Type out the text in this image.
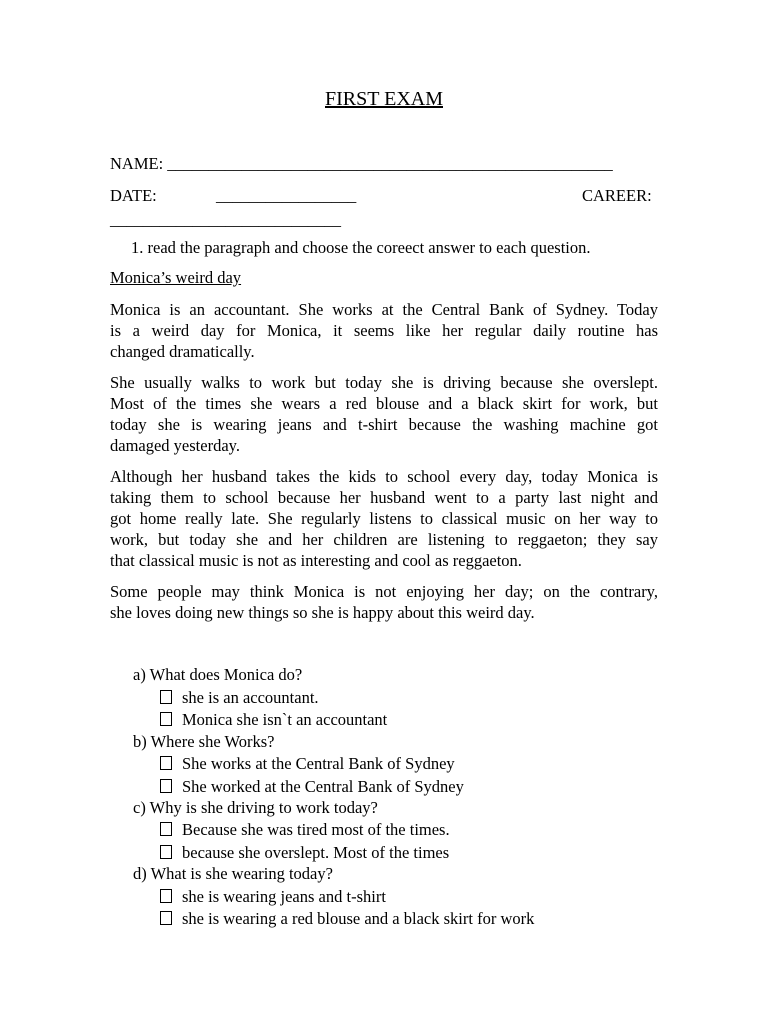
FIRST EXAM
NAME: ______________________________________________________
DATE:	_________________	CAREER:
____________________________
1. read the paragraph and choose the coreect answer to each question.
Monica’s weird day
Monica is an accountant. She works at the Central Bank of Sydney. Today
is a weird day for Monica, it seems like her regular daily routine has
changed dramatically.
She usually walks to work but today she is driving because she overslept.
Most of the times she wears a red blouse and a black skirt for work, but
today she is wearing jeans and t-shirt because the washing machine got
damaged yesterday.
Although her husband takes the kids to school every day, today Monica is
taking them to school because her husband went to a party last night and
got home really late. She regularly listens to classical music on her way to
work, but today she and her children are listening to reggaeton; they say
that classical music is not as interesting and cool as reggaeton.
Some people may think Monica is not enjoying her day; on the contrary,
she loves doing new things so she is happy about this weird day.
a) What does Monica do?
she is an accountant.
Monica she isn`t an accountant
b) Where she Works?
She works at the Central Bank of Sydney
She worked at the Central Bank of Sydney
c) Why is she driving to work today?
Because she was tired most of the times.
because she overslept. Most of the times
d) What is she wearing today?
she is wearing jeans and t-shirt
she is wearing a red blouse and a black skirt for work
